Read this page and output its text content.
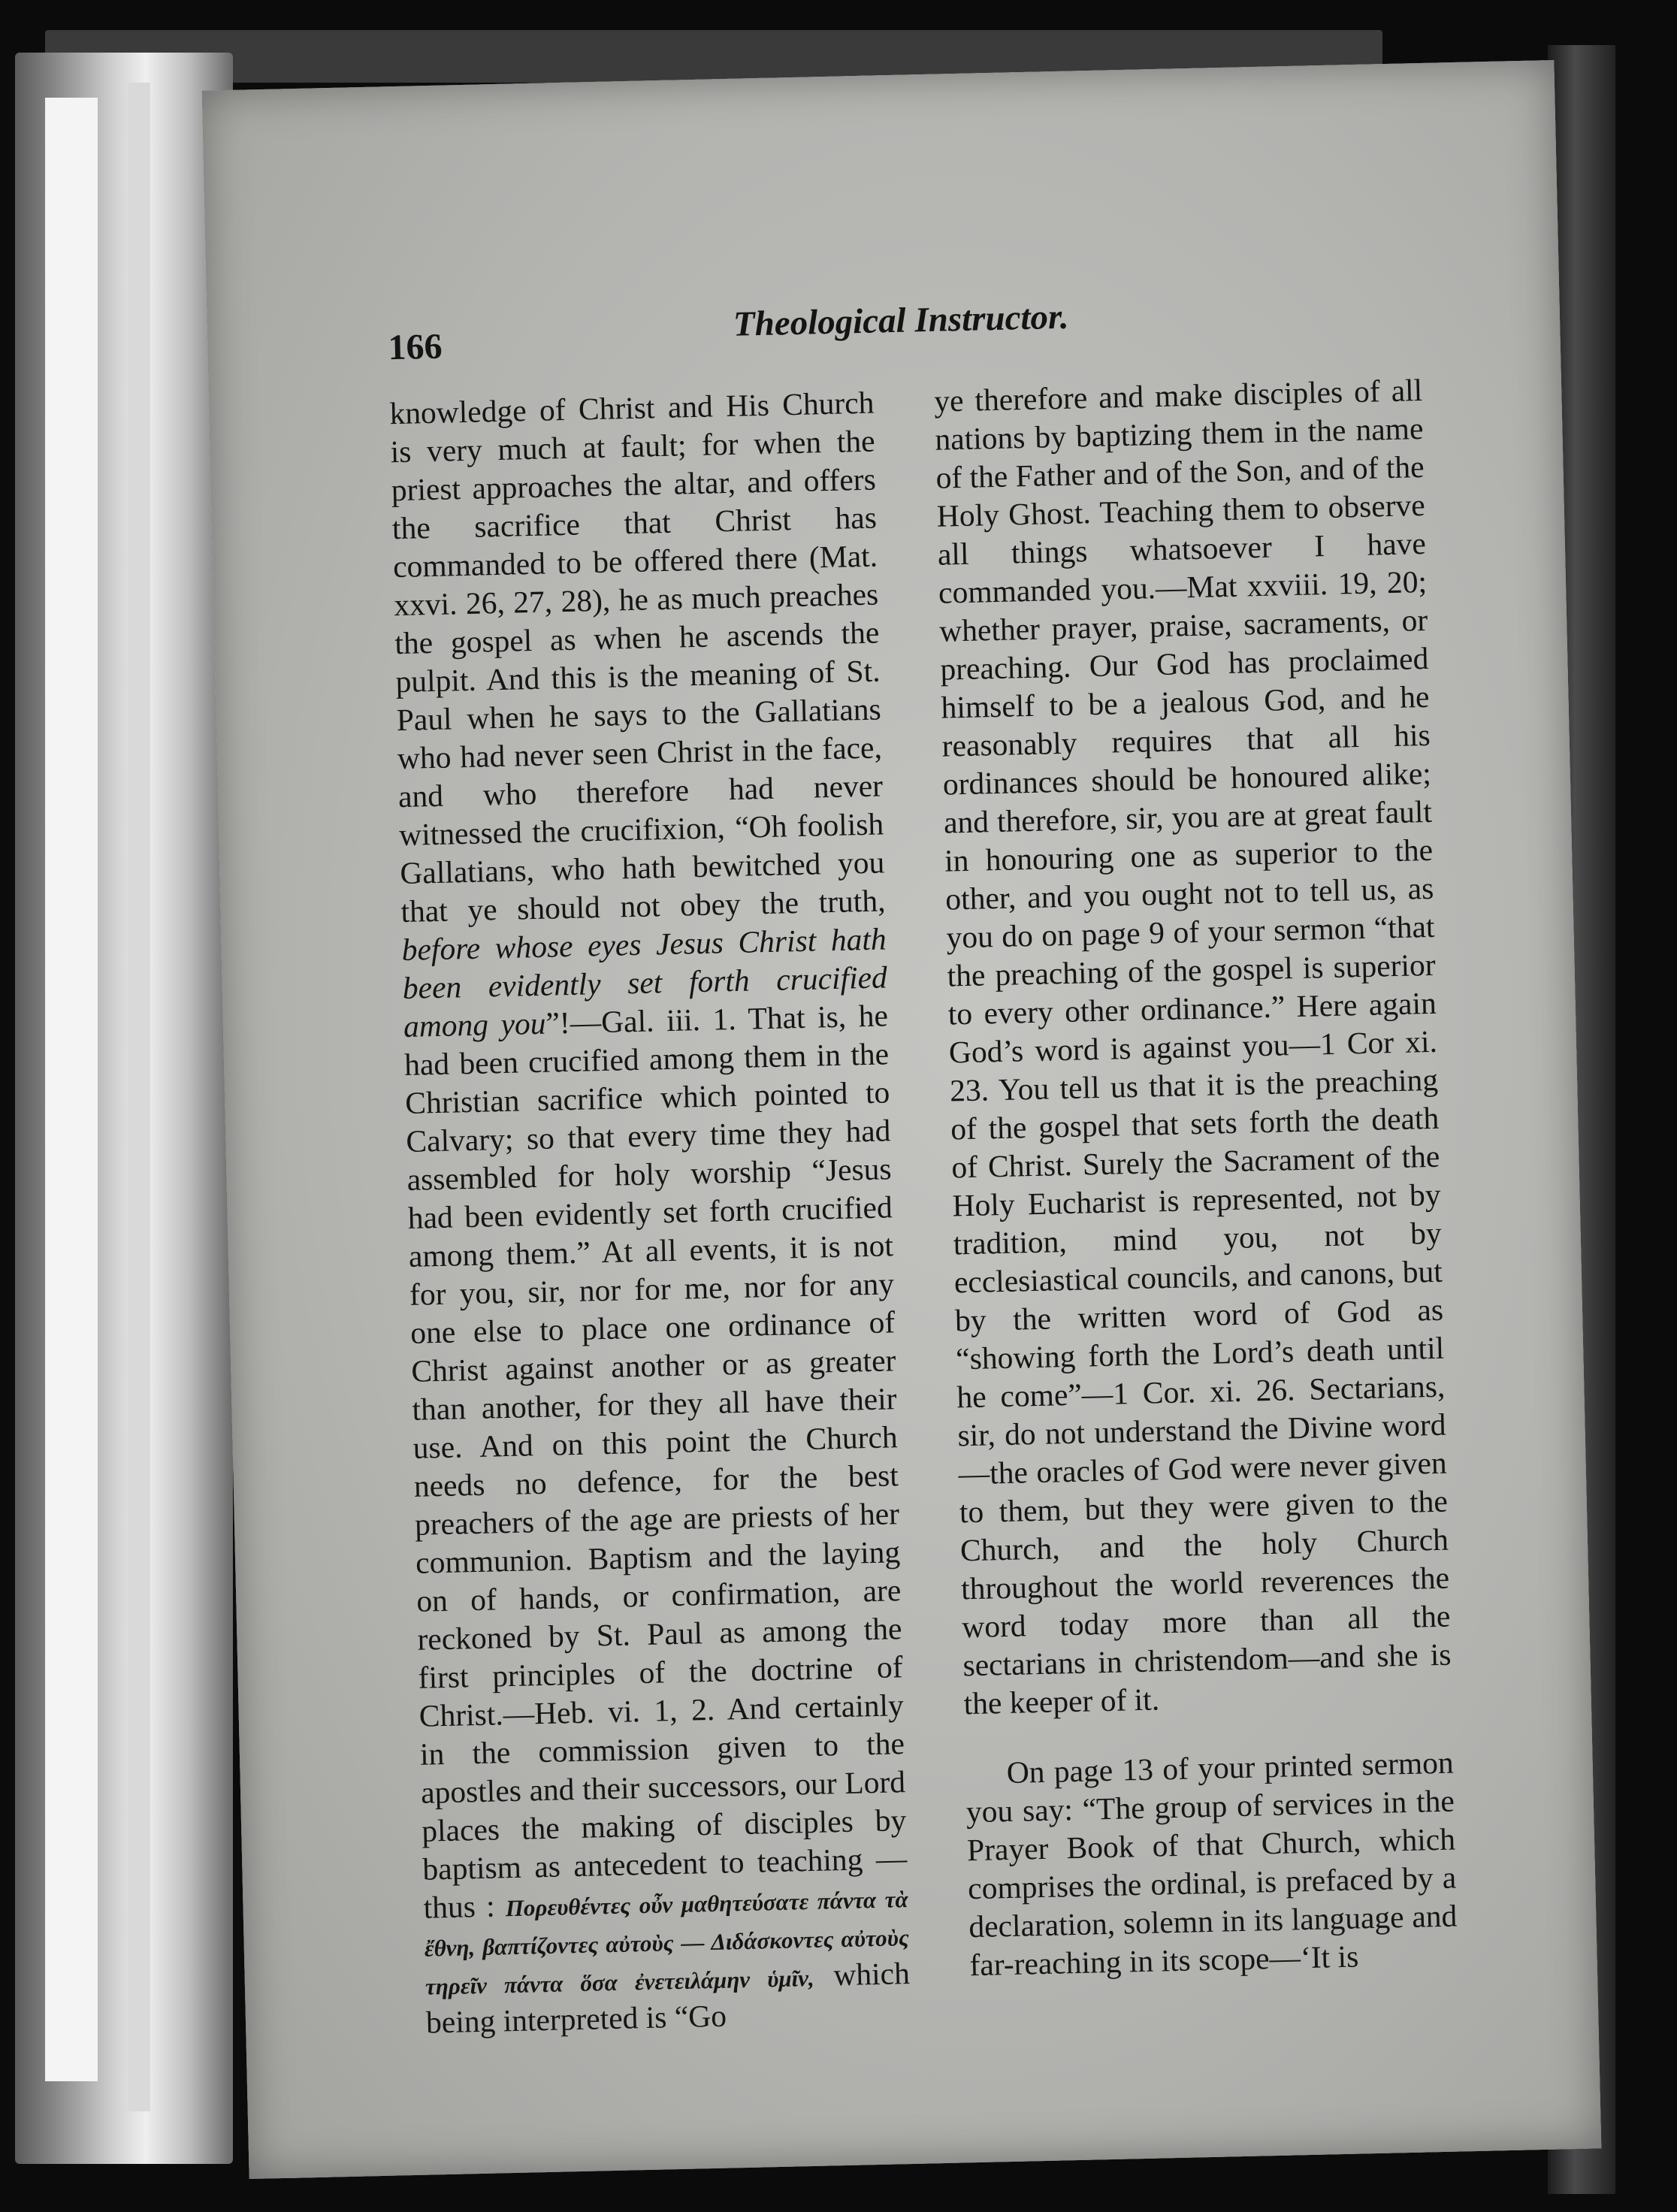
166
Theological Instructor.

knowledge of Christ and His Church is very much at fault; for when the priest approaches the altar, and offers the sacrifice that Christ has commanded to be offered there (Mat. xxvi. 26, 27, 28), he as much preaches the gospel as when he ascends the pulpit. And this is the meaning of St. Paul when he says to the Gallatians who had never seen Christ in the face, and who therefore had never witnessed the crucifixion, “Oh foolish Gallatians, who hath bewitched you that ye should not obey the truth, before whose eyes Jesus Christ hath been evidently set forth crucified among you”!—Gal. iii. 1. That is, he had been crucified among them in the Christian sacrifice which pointed to Calvary; so that every time they had assembled for holy worship “Jesus had been evidently set forth crucified among them.” At all events, it is not for you, sir, nor for me, nor for any one else to place one ordinance of Christ against another or as greater than another, for they all have their use. And on this point the Church needs no defence, for the best preachers of the age are priests of her communion. Baptism and the laying on of hands, or confirmation, are reckoned by St. Paul as among the first principles of the doctrine of Christ.—Heb. vi. 1, 2. And certainly in the commission given to the apostles and their successors, our Lord places the making of disciples by baptism as antecedent to teaching — thus : Πορευθέντες οὖν μαθητεύσατε πάντα τὰ ἔθνη, βαπτίζοντες αὐτοὺς — Διδάσκοντες αὐτοὺς τηρεῖν πάντα ὅσα ἐνετειλάμην ὑμῖν, which being interpreted is “Go

ye therefore and make disciples of all nations by baptizing them in the name of the Father and of the Son, and of the Holy Ghost. Teaching them to observe all things whatsoever I have commanded you.—Mat xxviii. 19, 20; whether prayer, praise, sacraments, or preaching. Our God has proclaimed himself to be a jealous God, and he reasonably requires that all his ordinances should be honoured alike; and therefore, sir, you are at great fault in honouring one as superior to the other, and you ought not to tell us, as you do on page 9 of your sermon “that the preaching of the gospel is superior to every other ordinance.” Here again God’s word is against you—1 Cor xi. 23. You tell us that it is the preaching of the gospel that sets forth the death of Christ. Surely the Sacrament of the Holy Eucharist is represented, not by tradition, mind you, not by ecclesiastical councils, and canons, but by the written word of God as “showing forth the Lord’s death until he come”—1 Cor. xi. 26. Sectarians, sir, do not understand the Divine word—the oracles of God were never given to them, but they were given to the Church, and the holy Church throughout the world reverences the word today more than all the sectarians in christendom—and she is the keeper of it.

On page 13 of your printed sermon you say: “The group of services in the Prayer Book of that Church, which comprises the ordinal, is prefaced by a declaration, solemn in its language and far-reaching in its scope—‘It is
